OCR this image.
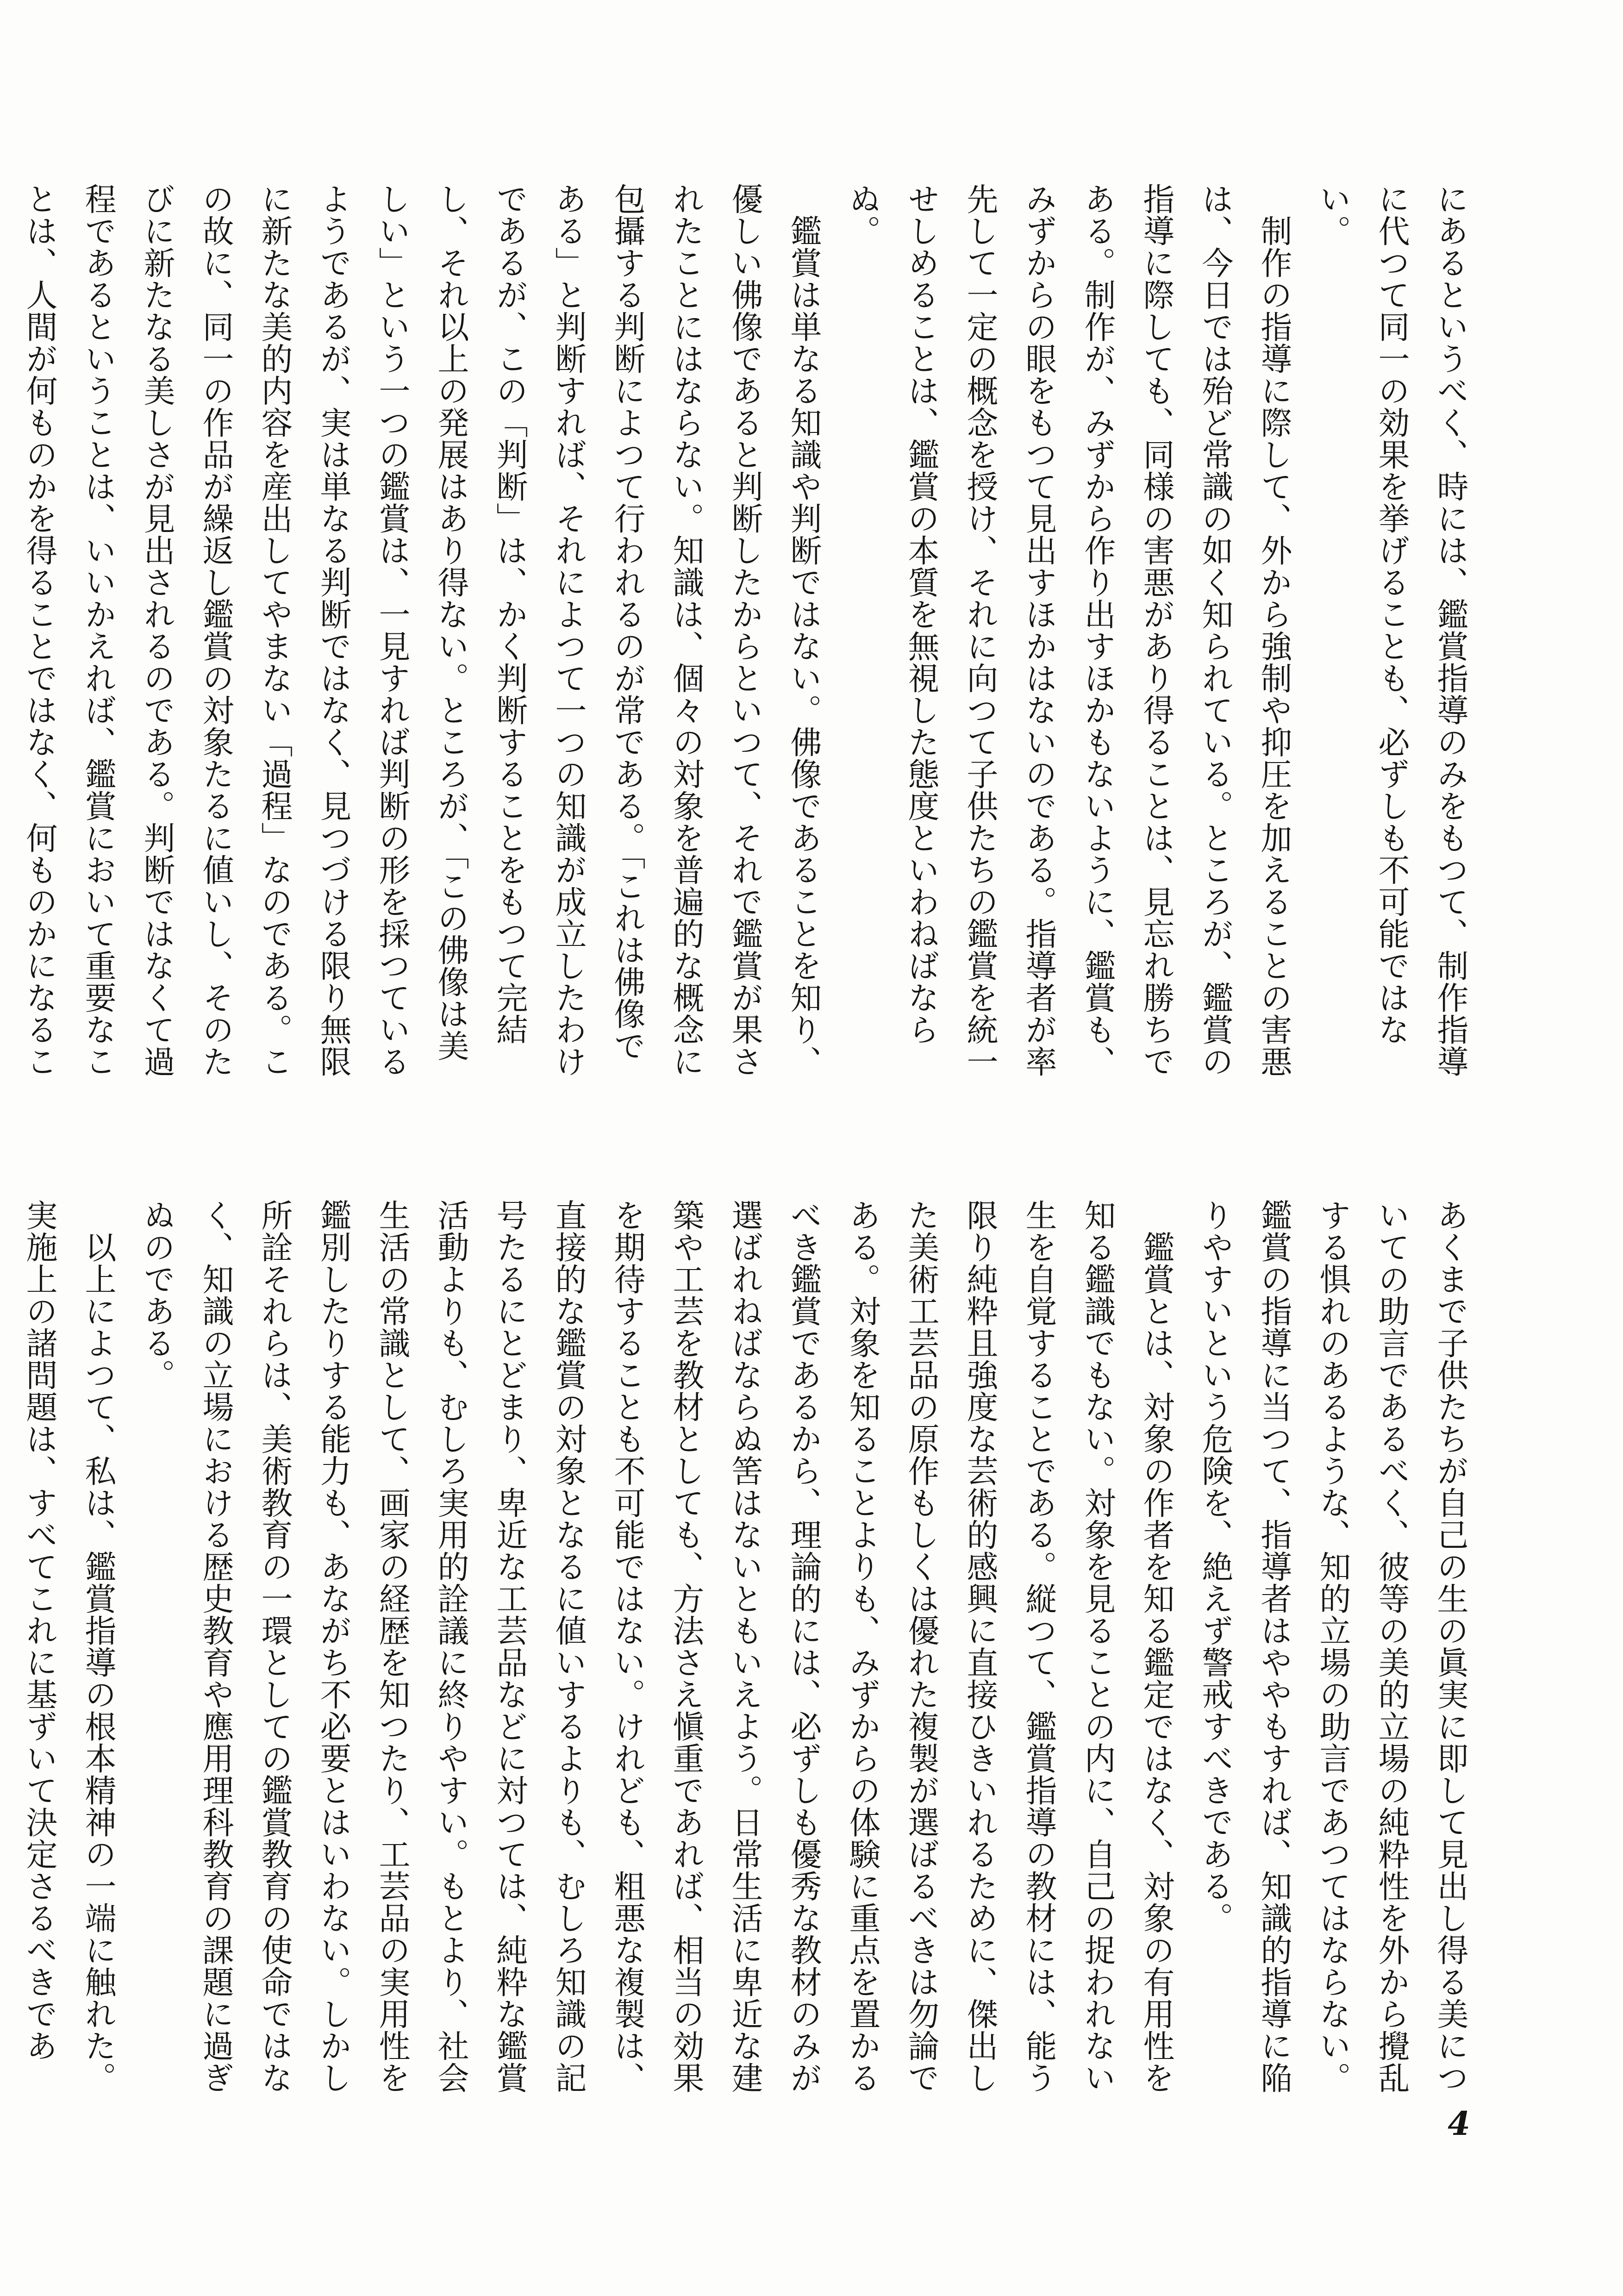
にあるというべく、時には、鑑賞指導のみをもつて、制作指導に代つて同一の効果を挙げることも、必ずしも不可能ではない。

　制作の指導に際して、外から強制や抑圧を加えることの害悪は、今日では殆ど常識の如く知られている。ところが、鑑賞の指導に際しても、同様の害悪があり得ることは、見忘れ勝ちである。制作が、みずから作り出すほかもないように、鑑賞も、みずからの眼をもつて見出すほかはないのである。指導者が率先して一定の概念を授け、それに向つて子供たちの鑑賞を統一せしめることは、鑑賞の本質を無視した態度といわねばならぬ。

　鑑賞は単なる知識や判断ではない。佛像であることを知り、優しい佛像であると判断したからといつて、それで鑑賞が果されたことにはならない。知識は、個々の対象を普遍的な概念に包攝する判断によつて行われるのが常である。「これは佛像である」と判断すれば、それによつて一つの知識が成立したわけであるが、この「判断」は、かく判断することをもつて完結し、それ以上の発展はあり得ない。ところが、「この佛像は美しい」という一つの鑑賞は、一見すれば判断の形を採つているようであるが、実は単なる判断ではなく、見つづける限り無限に新たな美的内容を産出してやまない「過程」なのである。この故に、同一の作品が繰返し鑑賞の対象たるに値いし、そのたびに新たなる美しさが見出されるのである。判断ではなくて過程であるということは、いいかえれば、鑑賞において重要なことは、人間が何ものかを得ることではなく、何ものかになるこ

あくまで子供たちが自己の生の眞実に即して見出し得る美についての助言であるべく、彼等の美的立場の純粋性を外から攪乱する惧れのあるような、知的立場の助言であつてはならない。鑑賞の指導に当つて、指導者はややもすれば、知識的指導に陥りやすいという危険を、絶えず警戒すべきである。

　鑑賞とは、対象の作者を知る鑑定ではなく、対象の有用性を知る鑑識でもない。対象を見ることの内に、自己の捉われない生を自覚することである。縦つて、鑑賞指導の教材には、能う限り純粋且強度な芸術的感興に直接ひきいれるために、傑出した美術工芸品の原作もしくは優れた複製が選ばるべきは勿論である。対象を知ることよりも、みずからの体験に重点を置かるべき鑑賞であるから、理論的には、必ずしも優秀な教材のみが選ばれねばならぬ筈はないともいえよう。日常生活に卑近な建築や工芸を教材としても、方法さえ愼重であれば、相当の効果を期待することも不可能ではない。けれども、粗悪な複製は、直接的な鑑賞の対象となるに値いするよりも、むしろ知識の記号たるにとどまり、卑近な工芸品などに対つては、純粋な鑑賞活動よりも、むしろ実用的詮議に終りやすい。もとより、社会生活の常識として、画家の経歴を知つたり、工芸品の実用性を鑑別したりする能力も、あながち不必要とはいわない。しかし所詮それらは、美術教育の一環としての鑑賞教育の使命ではなく、知識の立場における歴史教育や應用理科教育の課題に過ぎぬのである。

　以上によつて、私は、鑑賞指導の根本精神の一端に触れた。実施上の諸問題は、すべてこれに基ずいて決定さるべきであ

4
